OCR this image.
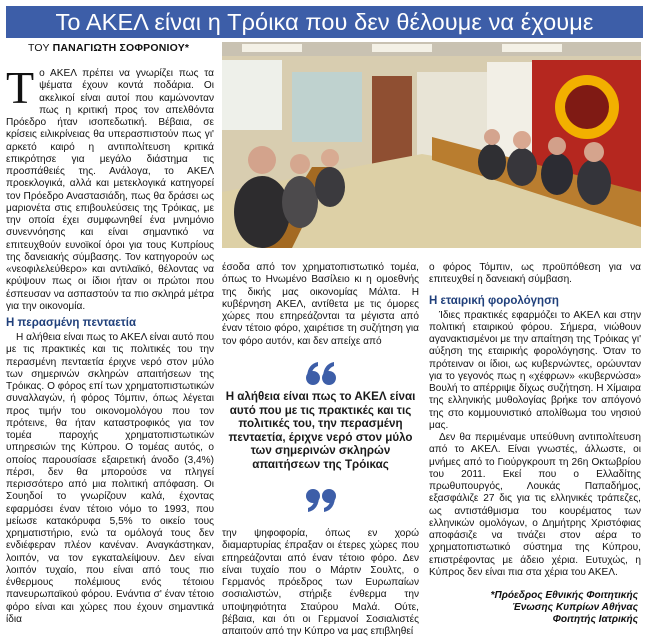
Το ΑΚΕΛ είναι η Τρόικα που δεν θέλουμε να έχουμε
ΤΟΥ ΠΑΝΑΓΙΩΤΗ ΣΟΦΡΟΝΙΟΥ*

Το ΑΚΕΛ πρέπει να γνωρίζει πως τα ψέματα έχουν κοντά ποδάρια. Οι ακελικοί είναι αυτοί που καμώνονταν πως η κριτική προς τον απελθόντα Πρόεδρο ήταν ισοπεδωτική. Βέβαια, σε κρίσεις ειλικρίνειας θα υπερασπιστούν πως γι' αρκετό καιρό η αντιπολίτευση κριτικά επικρότησε για μεγάλο διάστημα τις προσπάθειές της. Ανάλογα, το ΑΚΕΛ προεκλογικά, αλλά και μετεκλογικά κατηγορεί τον Πρόεδρο Αναστασιάδη, πως θα δράσει ως μαριονέτα στις επιβουλεύσεις της Τρόικας, με την οποία έχει συμφωνηθεί ένα μνημόνιο συνεννόησης και είναι σημαντικό να επιτευχθούν ευνοϊκοί όροι για τους Κυπρίους της δανειακής σύμβασης. Τον κατηγορούν ως «νεοφιλελεύθερο» και αντιλαϊκό, θέλοντας να κρύψουν πως οι ίδιοι ήταν οι πρώτοι που έσπευσαν να ασπαστούν τα πιο σκληρά μέτρα για την οικονομία.

Η περασμένη πενταετία

Η αλήθεια είναι πως το ΑΚΕΛ είναι αυτό που με τις πρακτικές και τις πολιτικές του την περασμένη πενταετία έριχνε νερό στον μύλο των σημερινών σκληρών απαιτήσεων της Τρόικας. Ο φόρος επί των χρηματοπιστωτικών συναλλαγών, ή φόρος Τόμπιν, όπως λέγεται προς τιμήν του οικονομολόγου που τον πρότεινε, θα ήταν καταστροφικός για τον τομέα παροχής χρηματοπιστωτικών υπηρεσιών της Κύπρου. Ο τομέας αυτός, ο οποίος παρουσίασε εξαιρετική άνοδο (3,4%) πέρσι, δεν θα μπορούσε να πληγεί περισσότερο από μια πολιτική απόφαση. Οι Σουηδοί το γνωρίζουν καλά, έχοντας εφαρμόσει έναν τέτοιο νόμο το 1993, που μείωσε κατακόρυφα 5,5% το οικείο τους χρηματιστήριο, ενώ τα ομόλογά τους δεν ενδιέφεραν πλέον κανέναν. Αναγκάστηκαν, λοιπόν, να τον εγκαταλείψουν. Δεν είναι λοιπόν τυχαίο, που είναι από τους πιο ένθερμους πολέμιους ενός τέτοιου πανευρωπαϊκού φόρου. Ενάντια σ' έναν τέτοιο φόρο είναι και χώρες που έχουν σημαντικά ίδια

έσοδα από τον χρηματοπιστωτικό τομέα, όπως το Ηνωμένο Βασίλειο κι η ομοεθνής της δικής μας οικονομίας Μάλτα. Η κυβέρνηση ΑΚΕΛ, αντίθετα με τις όμορες χώρες που επηρεάζονται τα μέγιστα από έναν τέτοιο φόρο, χαιρέτισε τη συζήτηση για τον φόρο αυτόν, και δεν απείχε από

Η αλήθεια είναι πως το ΑΚΕΛ είναι αυτό που με τις πρακτικές και τις πολιτικές του, την περασμένη πενταετία, έριχνε νερό στον μύλο των σημερινών σκληρών απαιτήσεων της Τρόικας

την ψηφοφορία, όπως εν χορώ διαμαρτυρίας έπραξαν οι έτερες χώρες που επηρεάζονται από έναν τέτοιο φόρο. Δεν είναι τυχαίο που ο Μάρτιν Σουλτς, ο Γερμανός πρόεδρος των Ευρωπαίων σοσιαλιστών, στήριξε ένθερμα την υποψηφιότητα Σταύρου Μαλά. Ούτε, βέβαια, και ότι οι Γερμανοί Σοσιαλιστές απαιτούν από την Κύπρο να μας επιβληθεί

ο φόρος Τόμπιν, ως προϋπόθεση για να επιτευχθεί η δανειακή σύμβαση.

Η εταιρική φορολόγηση

Ίδιες πρακτικές εφαρμόζει το ΑΚΕΛ και στην πολιτική εταιρικού φόρου. Σήμερα, νιώθουν αγανακτισμένοι με την απαίτηση της Τρόικας γι' αύξηση της εταιρικής φορολόγησης. Όταν το πρότειναν οι ίδιοι, ως κυβερνώντες, ορώυνταν για το γεγονός πως η «χέφρων» «κυβερνώσα» Βουλή το απέρριψε δίχως συζήτηση. Η Χίμαιρα της ελληνικής μυθολογίας βρήκε τον απόγονό της στο κομμουνιστικό απολίθωμα του νησιού μας.

Δεν θα περιμέναμε υπεύθυνη αντιπολίτευση από το ΑΚΕΛ. Είναι γνωστές, άλλωστε, οι μνήμες από το Γιούργκρουπ τη 26η Οκτωβρίου του 2011. Εκεί που ο Ελλαδίτης πρωθυπουργός, Λουκάς Παπαδήμος, εξασφάλιζε 27 δις για τις ελληνικές τράπεζες, ως αντιστάθμισμα του κουρέματος των ελληνικών ομολόγων, ο Δημήτρης Χριστόφιας αποφάσιζε να τινάζει στον αέρα το χρηματοπιστωτικό σύστημα της Κύπρου, επιστρέφοντας με άδειο χέρια. Ευτυχώς, η Κύπρος δεν είναι πια στα χέρια του ΑΚΕΛ.

*Πρόεδρος Εθνικής Φοιτητικής
Ένωσης Κυπρίων Αθήνας
Φοιτητής Ιατρικής
